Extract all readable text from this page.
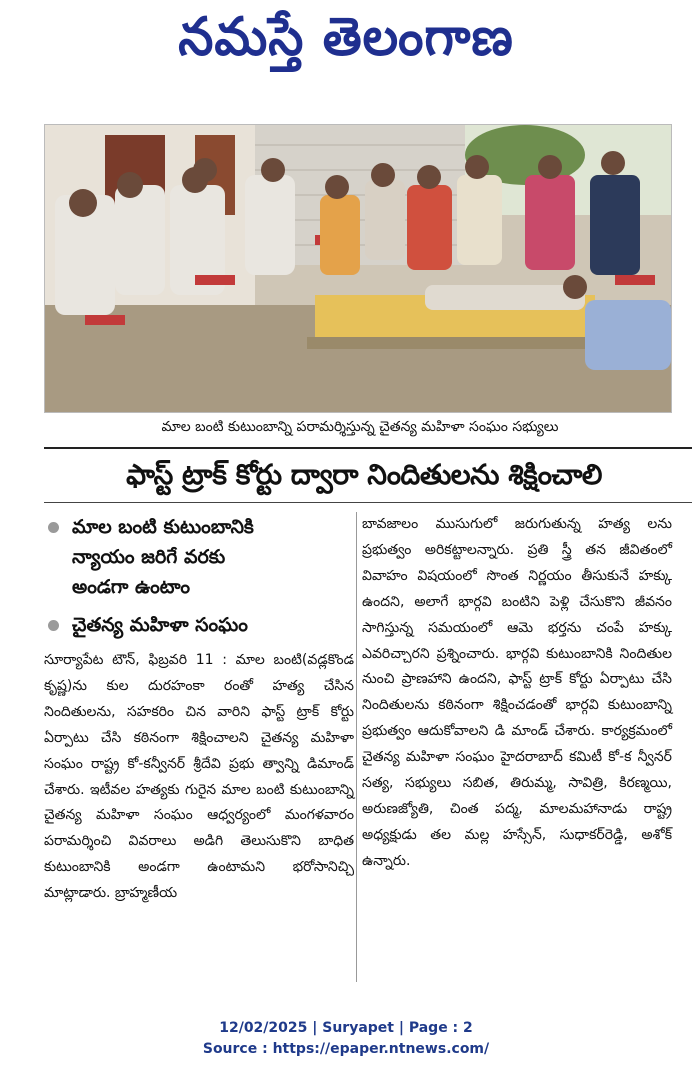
నమస్తే తెలంగాణ
మాల బంటి కుటుంబాన్ని పరామర్శిస్తున్న చైతన్య మహిళా సంఘం సభ్యులు
ఫాస్ట్ ట్రాక్ కోర్టు ద్వారా నిందితులను శిక్షించాలి
మాల బంటి కుటుంబానికి
న్యాయం జరిగే వరకు
అండగా ఉంటాం
చైతన్య మహిళా సంఘం

సూర్యాపేట టౌన్, ఫిబ్రవరి 11 : మాల బంటి(వడ్లకొండ కృష్ణ)ను కుల దురహంకా రంతో హత్య చేసిన నిందితులను, సహకరిం చిన వారిని ఫాస్ట్ ట్రాక్ కోర్టు ఏర్పాటు చేసి కఠినంగా శిక్షించాలని చైతన్య మహిళా సంఘం రాష్ట్ర కో-కన్వీనర్ శ్రీదేవి ప్రభు త్వాన్ని డిమాండ్ చేశారు. ఇటీవల హత్యకు గురైన మాల బంటి కుటుంబాన్ని చైతన్య మహిళా సంఘం ఆధ్వర్యంలో మంగళవారం పరామర్శించి వివరాలు అడిగి తెలుసుకొని బాధిత కుటుంబానికి అండగా ఉంటామని భరోసానిచ్చి మాట్లాడారు. బ్రాహ్మణీయ

బావజాలం ముసుగులో జరుగుతున్న హత్య లను ప్రభుత్వం అరికట్టాలన్నారు. ప్రతి స్త్రీ తన జీవితంలో వివాహం విషయంలో సొంత నిర్ణయం తీసుకునే హక్కు ఉందని, అలాగే భార్గవి బంటిని పెళ్లి చేసుకొని జీవనం సాగిస్తున్న సమయంలో ఆమె భర్తను చంపే హక్కు ఎవరిచ్చారని ప్రశ్నించారు. భార్గవి కుటుంబానికి నిందితుల నుంచి ప్రాణహాని ఉందని, ఫాస్ట్ ట్రాక్ కోర్టు ఏర్పాటు చేసి నిందితులను కఠినంగా శిక్షించడంతో భార్గవి కుటుంబాన్ని ప్రభుత్వం ఆదుకోవాలని డి మాండ్ చేశారు. కార్యక్రమంలో చైతన్య మహిళా సంఘం హైదరాబాద్ కమిటీ కో-క న్వీనర్ సత్య, సభ్యులు సబిత, తిరుమ్మ, సావిత్రి, కిరణ్మయి, అరుణజ్యోతి, చింత పద్మ, మాలమహానాడు రాష్ట్ర అధ్యక్షుడు తల మల్ల హస్సేన్, సుధాకర్‌రెడ్డి, అశోక్ ఉన్నారు.

12/02/2025 | Suryapet | Page : 2
Source : https://epaper.ntnews.com/
